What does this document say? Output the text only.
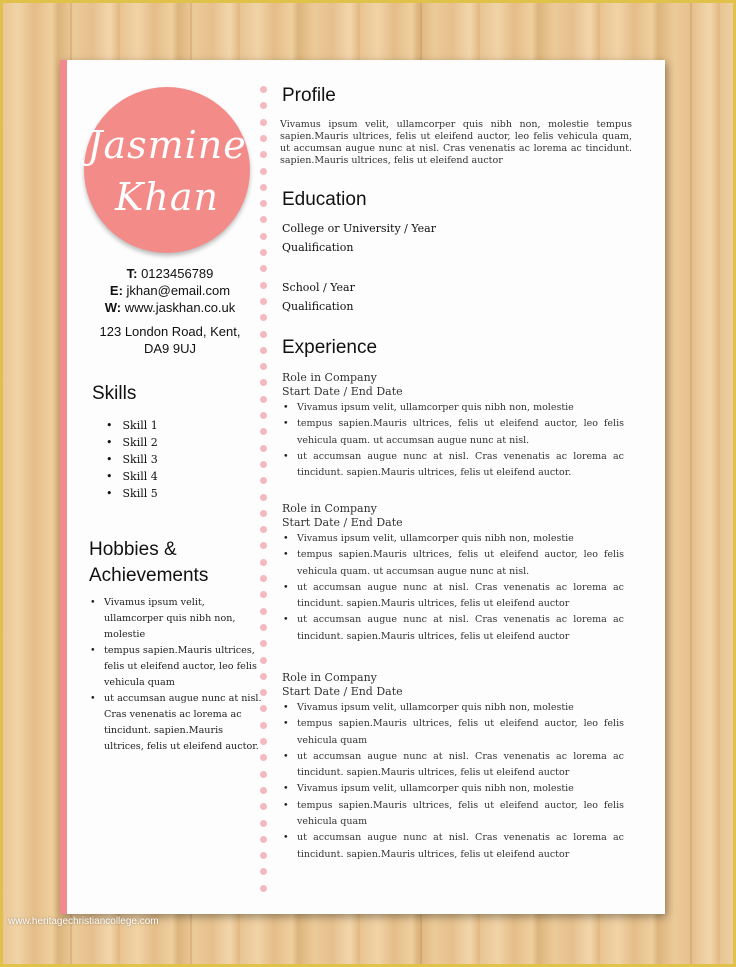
Jasmine
Khan
T: 0123456789
E: jkhan@email.com
W: www.jaskhan.co.uk
123 London Road, Kent,
DA9 9UJ
Skills
• Skill 1
• Skill 2
• Skill 3
• Skill 4
• Skill 5
Hobbies &
Achievements
• Vivamus ipsum velit, ullamcorper quis nibh non, molestie
• tempus sapien.Mauris ultrices, felis ut eleifend auctor, leo felis vehicula quam
• ut accumsan augue nunc at nisl. Cras venenatis ac lorema ac tincidunt. sapien.Mauris ultrices, felis ut eleifend auctor.
Profile
Vivamus ipsum velit, ullamcorper quis nibh non, molestie tempus sapien.Mauris ultrices, felis ut eleifend auctor, leo felis vehicula quam, ut accumsan augue nunc at nisl. Cras venenatis ac lorema ac tincidunt. sapien.Mauris ultrices, felis ut eleifend auctor
Education
College or University / Year
Qualification
School / Year
Qualification
Experience
Role in Company
Start Date / End Date
• Vivamus ipsum velit, ullamcorper quis nibh non, molestie
• tempus sapien.Mauris ultrices, felis ut eleifend auctor, leo felis vehicula quam. ut accumsan augue nunc at nisl.
• ut accumsan augue nunc at nisl. Cras venenatis ac lorema ac tincidunt. sapien.Mauris ultrices, felis ut eleifend auctor.
Role in Company
Start Date / End Date
• Vivamus ipsum velit, ullamcorper quis nibh non, molestie
• tempus sapien.Mauris ultrices, felis ut eleifend auctor, leo felis vehicula quam. ut accumsan augue nunc at nisl.
• ut accumsan augue nunc at nisl. Cras venenatis ac lorema ac tincidunt. sapien.Mauris ultrices, felis ut eleifend auctor
• ut accumsan augue nunc at nisl. Cras venenatis ac lorema ac tincidunt. sapien.Mauris ultrices, felis ut eleifend auctor
Role in Company
Start Date / End Date
• Vivamus ipsum velit, ullamcorper quis nibh non, molestie
• tempus sapien.Mauris ultrices, felis ut eleifend auctor, leo felis vehicula quam
• ut accumsan augue nunc at nisl. Cras venenatis ac lorema ac tincidunt. sapien.Mauris ultrices, felis ut eleifend auctor
• Vivamus ipsum velit, ullamcorper quis nibh non, molestie
• tempus sapien.Mauris ultrices, felis ut eleifend auctor, leo felis vehicula quam
• ut accumsan augue nunc at nisl. Cras venenatis ac lorema ac tincidunt. sapien.Mauris ultrices, felis ut eleifend auctor
www.heritagechristiancollege.com
